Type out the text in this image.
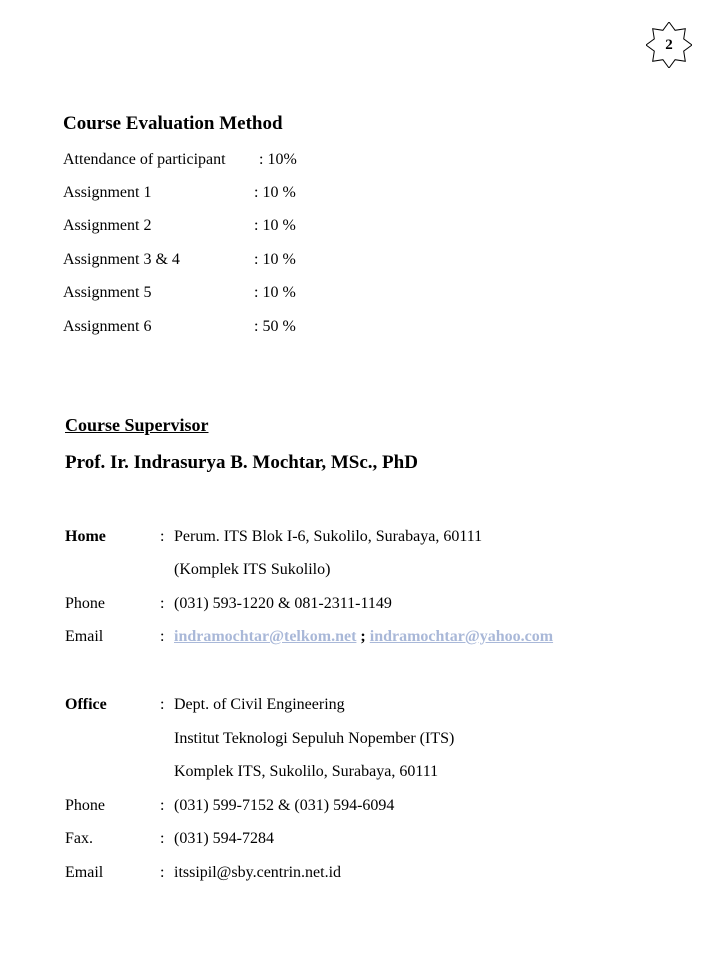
2
Course Evaluation Method
Attendance of participant : 10%
Assignment 1	: 10 %
Assignment 2	: 10 %
Assignment 3 & 4	: 10 %
Assignment 5	: 10 %
Assignment 6	: 50 %
Course Supervisor
Prof. Ir. Indrasurya B. Mochtar, MSc., PhD
Home	: Perum. ITS Blok I-6, Sukolilo, Surabaya, 60111
(Komplek ITS Sukolilo)
Phone	: (031) 593-1220 & 081-2311-1149
Email	: indramochtar@telkom.net ; indramochtar@yahoo.com
Office	: Dept. of Civil Engineering
Institut Teknologi Sepuluh Nopember (ITS)
Komplek ITS, Sukolilo, Surabaya, 60111
Phone	: (031) 599-7152 & (031) 594-6094
Fax.	: (031) 594-7284
Email	: itssipil@sby.centrin.net.id
